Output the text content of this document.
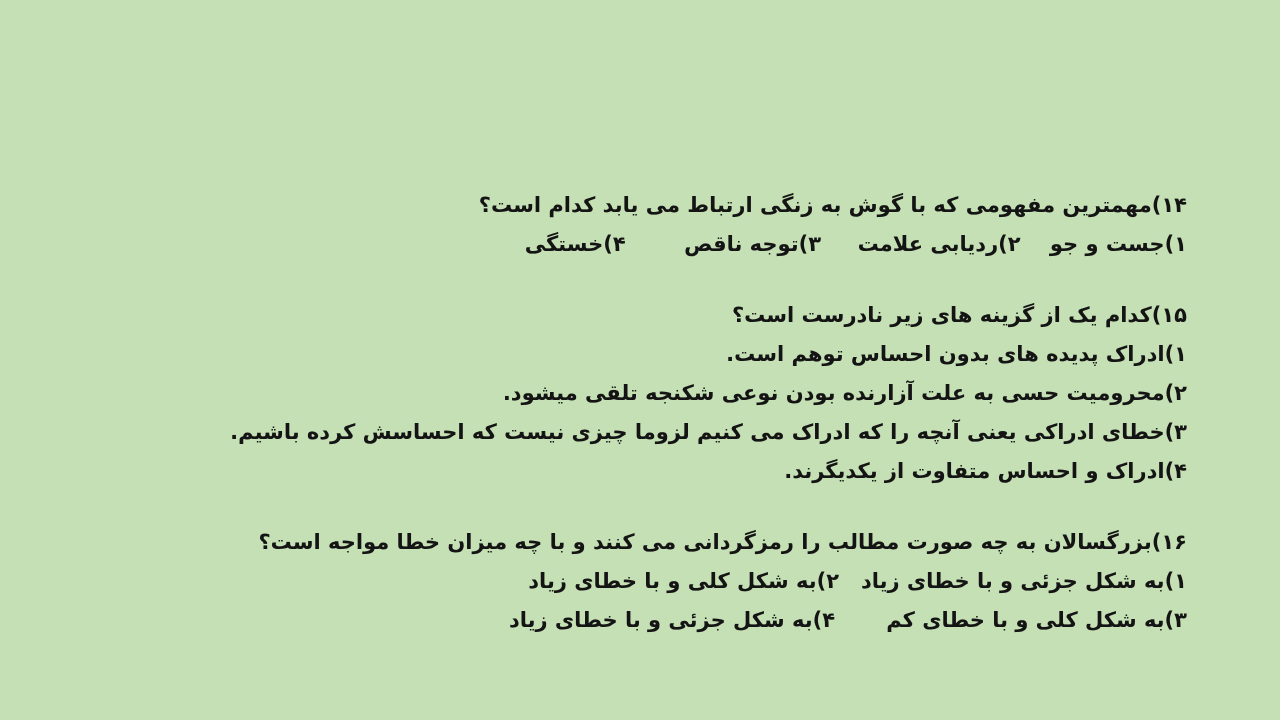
۱۴)مهمترین مفهومی که با گوش به زنگی ارتباط می یابد کدام است؟
۱)جست و جو    ۲)ردیابی علامت     ۳)توجه ناقص        ۴)خستگی
۱۵)کدام یک از گزینه های زیر نادرست است؟
۱)ادراک پدیده های بدون احساس توهم است.
۲)محرومیت حسی به علت آزارنده بودن نوعی شکنجه تلقی میشود.
۳)خطای ادراکی یعنی آنچه را که ادراک می کنیم لزوما چیزی نیست که احساسش کرده باشیم.
۴)ادراک و احساس متفاوت از یکدیگرند.
۱۶)بزرگسالان به چه صورت مطالب را رمزگردانی می کنند و با چه میزان خطا مواجه است؟
۱)به شکل جزئی و با خطای زیاد   ۲)به شکل کلی و با خطای زیاد
۳)به شکل کلی و با خطای کم       ۴)به شکل جزئی و با خطای زیاد
